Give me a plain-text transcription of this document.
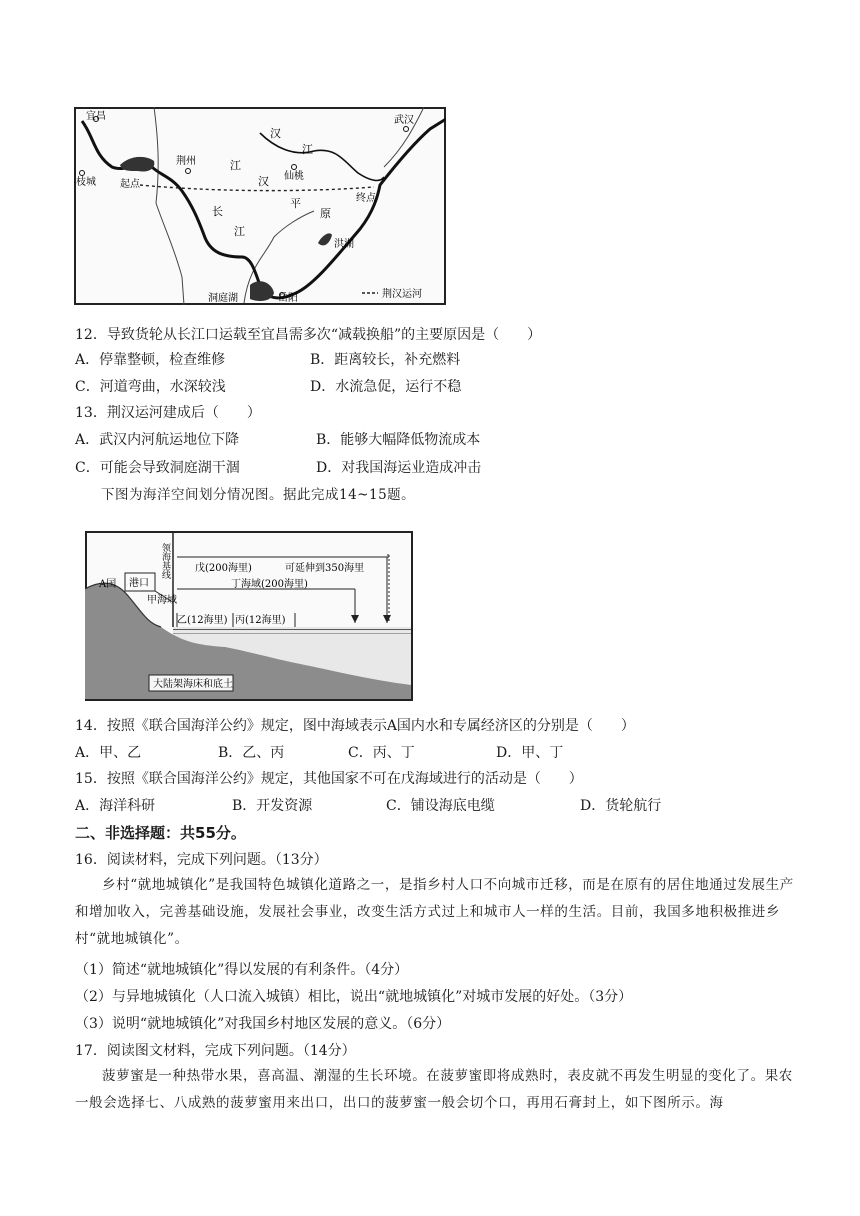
宜昌	武汉
荆州
仙桃
枝城
岳阳
汉
江
江
汉
平
原
长
江
起点
终点
洪湖
洞庭湖	荆汉运河
12．导致货轮从长江口运载至宜昌需多次“减载换船”的主要原因是（　　）
A．停靠整顿，检查维修	B．距离较长，补充燃料
C．河道弯曲，水深较浅	D．水流急促，运行不稳
13．荆汉运河建成后（　　）
A．武汉内河航运地位下降	B．能够大幅降低物流成本
C．可能会导致洞庭湖干涸	D．对我国海运业造成冲击
下图为海洋空间划分情况图。据此完成14~15题。
领海基线
A国 港口
甲海域
戊(200海里)	可延伸到350海里
丁海域(200海里)
乙(12海里) 丙(12海里)
大陆架海床和底土
14．按照《联合国海洋公约》规定，图中海域表示A国内水和专属经济区的分别是（　　）
A．甲、乙	B．乙、丙	C．丙、丁	D．甲、丁
15．按照《联合国海洋公约》规定，其他国家不可在戊海域进行的活动是（　　）
A．海洋科研	B．开发资源	C．铺设海底电缆	D．货轮航行
二、非选择题：共55分。
16．阅读材料，完成下列问题。（13分）
乡村“就地城镇化”是我国特色城镇化道路之一，是指乡村人口不向城市迁移，而是在原有的居住地通过发展生产和增加收入，完善基础设施，发展社会事业，改变生活方式过上和城市人一样的生活。目前，我国多地积极推进乡村“就地城镇化”。
（1）简述“就地城镇化”得以发展的有利条件。（4分）
（2）与异地城镇化（人口流入城镇）相比，说出“就地城镇化”对城市发展的好处。（3分）
（3）说明“就地城镇化”对我国乡村地区发展的意义。（6分）
17．阅读图文材料，完成下列问题。（14分）
菠萝蜜是一种热带水果，喜高温、潮湿的生长环境。在菠萝蜜即将成熟时，表皮就不再发生明显的变化了。果农一般会选择七、八成熟的菠萝蜜用来出口，出口的菠萝蜜一般会切个口，再用石膏封上，如下图所示。海
